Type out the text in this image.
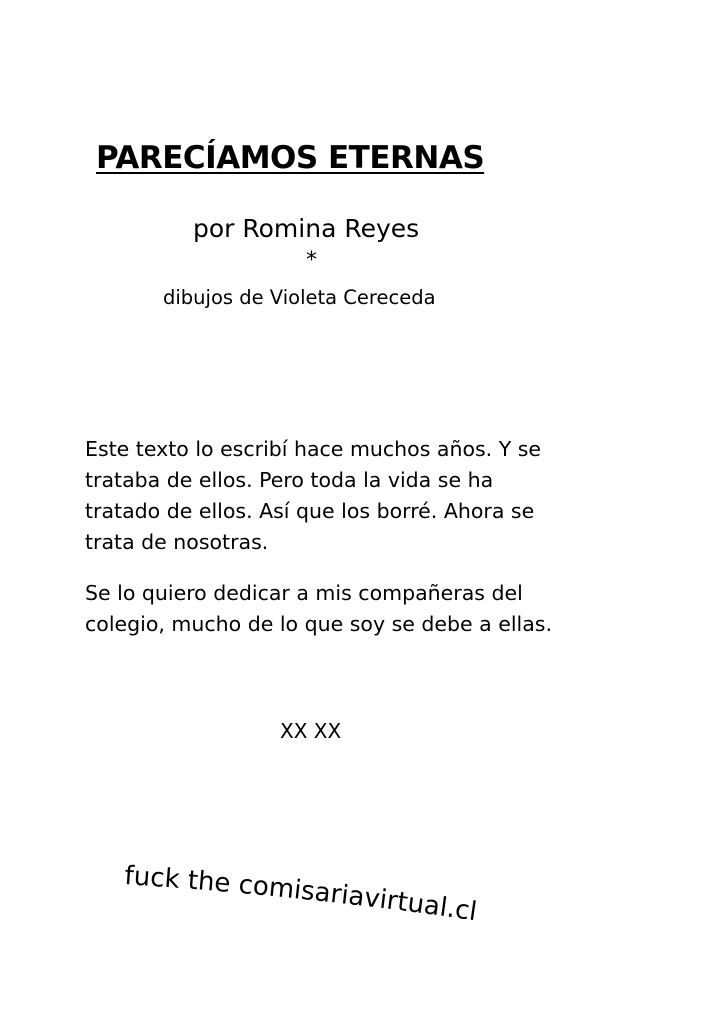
PARECÍAMOS ETERNAS
por Romina Reyes
*
dibujos de Violeta Cereceda

Este texto lo escribí hace muchos años. Y se trataba de ellos. Pero toda la vida se ha tratado de ellos. Así que los borré. Ahora se trata de nosotras.

Se lo quiero dedicar a mis compañeras del colegio, mucho de lo que soy se debe a ellas.

XX XX
fuck the comisariavirtual.cl
